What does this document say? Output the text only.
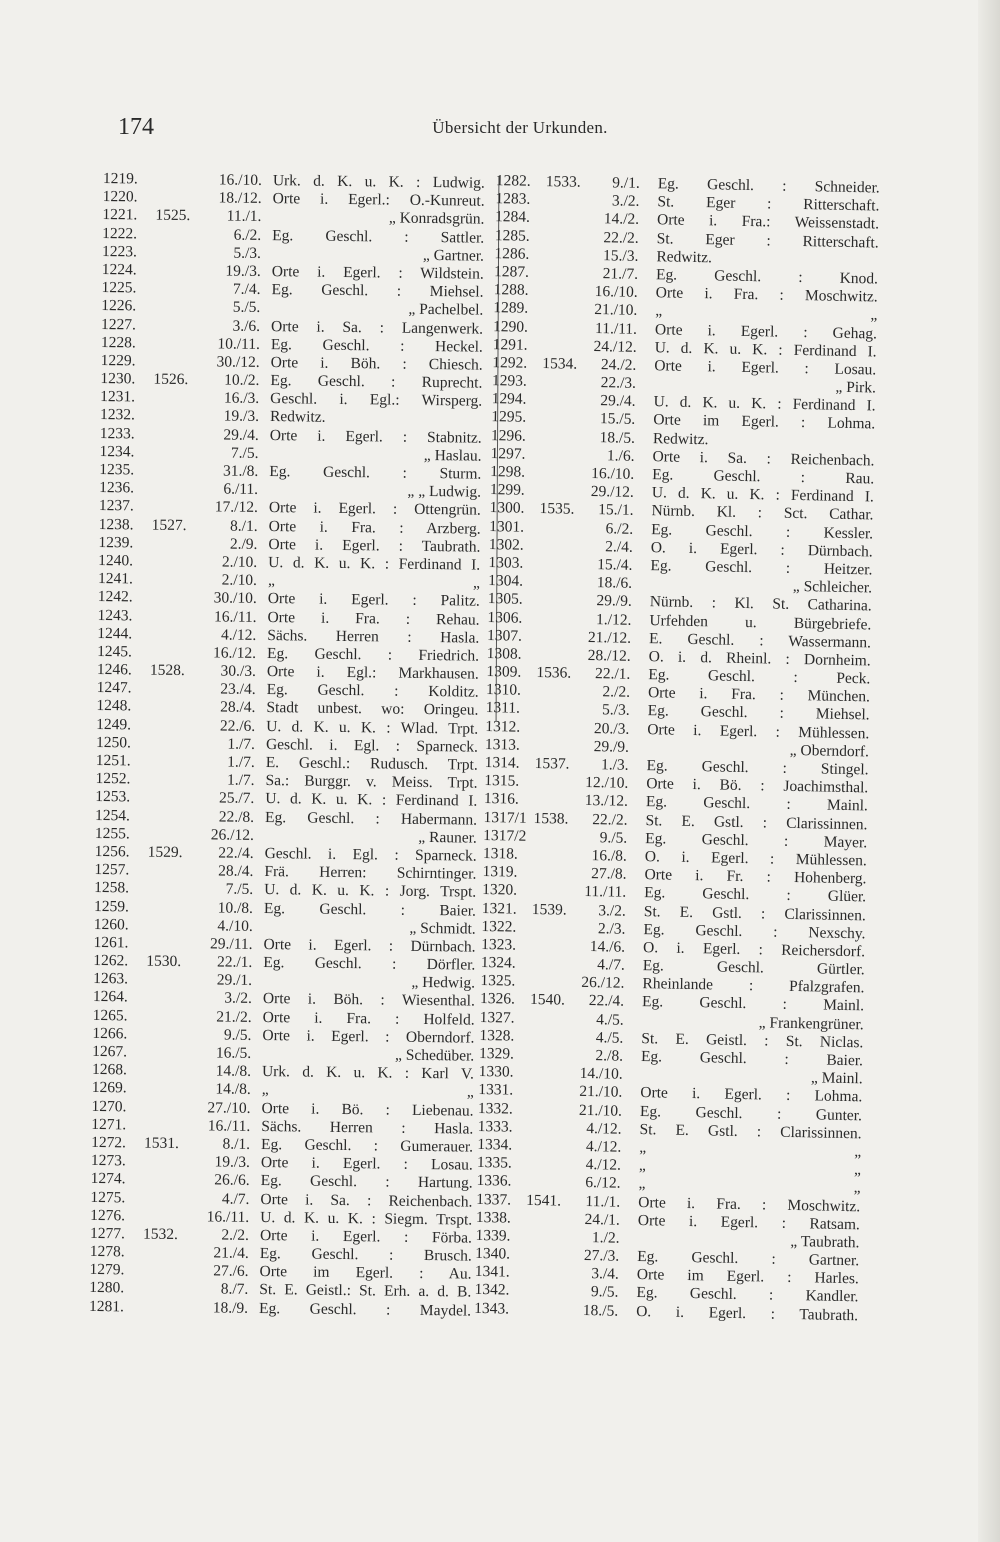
174	Übersicht der Urkunden.
1219.	16./10. Urk. d. K. u. K. : Ludwig.
1220.	18./12. Orte i. Egerl.: O.-Kunreut.
1221. 1525.	11./1.	„ Konradsgrün.
1222.	6./2. Eg. Geschl. : Sattler.
1223.	5./3.	„ Gartner.
1224.	19./3. Orte i. Egerl. : Wildstein.
1225.	7./4. Eg. Geschl. : Miehsel.
1226.	5./5.	„ Pachelbel.
1227.	3./6. Orte i. Sa. : Langenwerk.
1228.	10./11. Eg. Geschl. : Heckel.
1229.	30./12. Orte i. Böh. : Chiesch.
1230. 1526.	10./2. Eg. Geschl. : Ruprecht.
1231.	16./3. Geschl. i. Egl.: Wirsperg.
1232.	19./3. Redwitz.
1233.	29./4. Orte i. Egerl. : Stabnitz.
1234.	7./5.	„ Haslau.
1235.	31./8. Eg. Geschl. : Sturm.
1236.	6./11.	„ „ Ludwig.
1237.	17./12. Orte i. Egerl. : Ottengrün.
1238. 1527.	8./1. Orte i. Fra. : Arzberg.
1239.	2./9. Orte i. Egerl. : Taubrath.
1240.	2./10. U. d. K. u. K. : Ferdinand I.
1241.	2./10. „ „
1242.	30./10. Orte i. Egerl. : Palitz.
1243.	16./11. Orte i. Fra. : Rehau.
1244.	4./12. Sächs. Herren : Hasla.
1245.	16./12. Eg. Geschl. : Friedrich.
1246. 1528.	30./3. Orte i. Egl.: Markhausen.
1247.	23./4. Eg. Geschl. : Kolditz.
1248.	28./4. Stadt unbest. wo: Oringeu.
1249.	22./6. U. d. K. u. K. : Wlad. Trpt.
1250.	1./7. Geschl. i. Egl. : Sparneck.
1251.	1./7. E. Geschl.: Rudusch. Trpt.
1252.	1./7. Sa.: Burggr. v. Meiss. Trpt.
1253.	25./7. U. d. K. u. K. : Ferdinand I.
1254.	22./8. Eg. Geschl. : Habermann.
1255.	26./12.	„ Rauner.
1256. 1529.	22./4. Geschl. i. Egl. : Sparneck.
1257.	28./4. Frä. Herren: Schirntinger.
1258.	7./5. U. d. K. u. K. : Jorg. Trspt.
1259.	10./8. Eg. Geschl. : Baier.
1260.	4./10.	„ Schmidt.
1261.	29./11. Orte i. Egerl. : Dürnbach.
1262. 1530.	22./1. Eg. Geschl. : Dörfler.
1263.	29./1.	„ Hedwig.
1264.	3./2. Orte i. Böh. : Wiesenthal.
1265.	21./2. Orte i. Fra. : Holfeld.
1266.	9./5. Orte i. Egerl. : Oberndorf.
1267.	16./5.	„ Schedüber.
1268.	14./8. Urk. d. K. u. K. : Karl V.
1269.	14./8. „ „
1270.	27./10. Orte i. Bö. : Liebenau.
1271.	16./11. Sächs. Herren : Hasla.
1272. 1531.	8./1. Eg. Geschl. : Gumerauer.
1273.	19./3. Orte i. Egerl. : Losau.
1274.	26./6. Eg. Geschl. : Hartung.
1275.	4./7. Orte i. Sa. : Reichenbach.
1276.	16./11. U. d. K. u. K. : Siegm. Trspt.
1277. 1532.	2./2. Orte i. Egerl. : Förba.
1278.	21./4. Eg. Geschl. : Brusch.
1279.	27./6. Orte im Egerl. : Au.
1280.	8./7. St. E. Geistl.: St. Erh. a. d. B.
1281.	18./9. Eg. Geschl. : Maydel.
1282. 1533.	9./1. Eg. Geschl. : Schneider.
1283.	3./2. St. Eger : Ritterschaft.
1284.	14./2. Orte i. Fra.: Weissenstadt.
1285.	22./2. St. Eger : Ritterschaft.
1286.	15./3. Redwitz.
1287.	21./7. Eg. Geschl. : Knod.
1288.	16./10. Orte i. Fra. : Moschwitz.
1289.	21./10. „ „
1290.	11./11. Orte i. Egerl. : Gehag.
1291.	24./12. U. d. K. u. K. : Ferdinand I.
1292. 1534.	24./2. Orte i. Egerl. : Losau.
1293.	22./3.	„ Pirk.
1294.	29./4. U. d. K. u. K. : Ferdinand I.
1295.	15./5. Orte im Egerl. : Lohma.
1296.	18./5. Redwitz.
1297.	1./6. Orte i. Sa. : Reichenbach.
1298.	16./10. Eg. Geschl. : Rau.
1299.	29./12. U. d. K. u. K. : Ferdinand I.
1300. 1535.	15./1. Nürnb. Kl. : Sct. Cathar.
1301.	6./2. Eg. Geschl. : Kessler.
1302.	2./4. O. i. Egerl. : Dürnbach.
1303.	15./4. Eg. Geschl. : Heitzer.
1304.	18./6.	„ Schleicher.
1305.	29./9. Nürnb. : Kl. St. Catharina.
1306.	1./12. Urfehden u. Bürgebriefe.
1307.	21./12. E. Geschl. : Wassermann.
1308.	28./12. O. i. d. Rheinl. : Dornheim.
1309. 1536.	22./1. Eg. Geschl. : Peck.
1310.	2./2. Orte i. Fra. : München.
1311.	5./3. Eg. Geschl. : Miehsel.
1312.	20./3. Orte i. Egerl. : Mühlessen.
1313.	29./9.	„ Oberndorf.
1314. 1537.	1./3. Eg. Geschl. : Stingel.
1315.	12./10. Orte i. Bö. : Joachimsthal.
1316.	13./12. Eg. Geschl. : Mainl.
1317/1 1538.	22./2. St. E. Gstl. : Clarissinnen.
1317/2	9./5. Eg. Geschl. : Mayer.
1318.	16./8. O. i. Egerl. : Mühlessen.
1319.	27./8. Orte i. Fr. : Hohenberg.
1320.	11./11. Eg. Geschl. : Glüer.
1321. 1539.	3./2. St. E. Gstl. : Clarissinnen.
1322.	2./3. Eg. Geschl. : Nexschy.
1323.	14./6. O. i. Egerl. : Reichersdorf.
1324.	4./7. Eg. Geschl. Gürtler.
1325.	26./12. Rheinlande : Pfalzgrafen.
1326. 1540.	22./4. Eg. Geschl. : Mainl.
1327.	4./5.	„ Frankengrüner.
1328.	4./5. St. E. Geistl. : St. Niclas.
1329.	2./8. Eg. Geschl. : Baier.
1330.	14./10.	„ Mainl.
1331.	21./10. Orte i. Egerl. : Lohma.
1332.	21./10. Eg. Geschl. : Gunter.
1333.	4./12. St. E. Gstl. : Clarissinnen.
1334.	4./12. „ „
1335.	4./12. „ „
1336.	6./12. „ „
1337. 1541.	11./1. Orte i. Fra. : Moschwitz.
1338.	24./1. Orte i. Egerl. : Ratsam.
1339.	1./2.	„ Taubrath.
1340.	27./3. Eg. Geschl. : Gartner.
1341.	3./4. Orte im Egerl. : Harles.
1342.	9./5. Eg. Geschl. : Kandler.
1343.	18./5. O. i. Egerl. : Taubrath.
